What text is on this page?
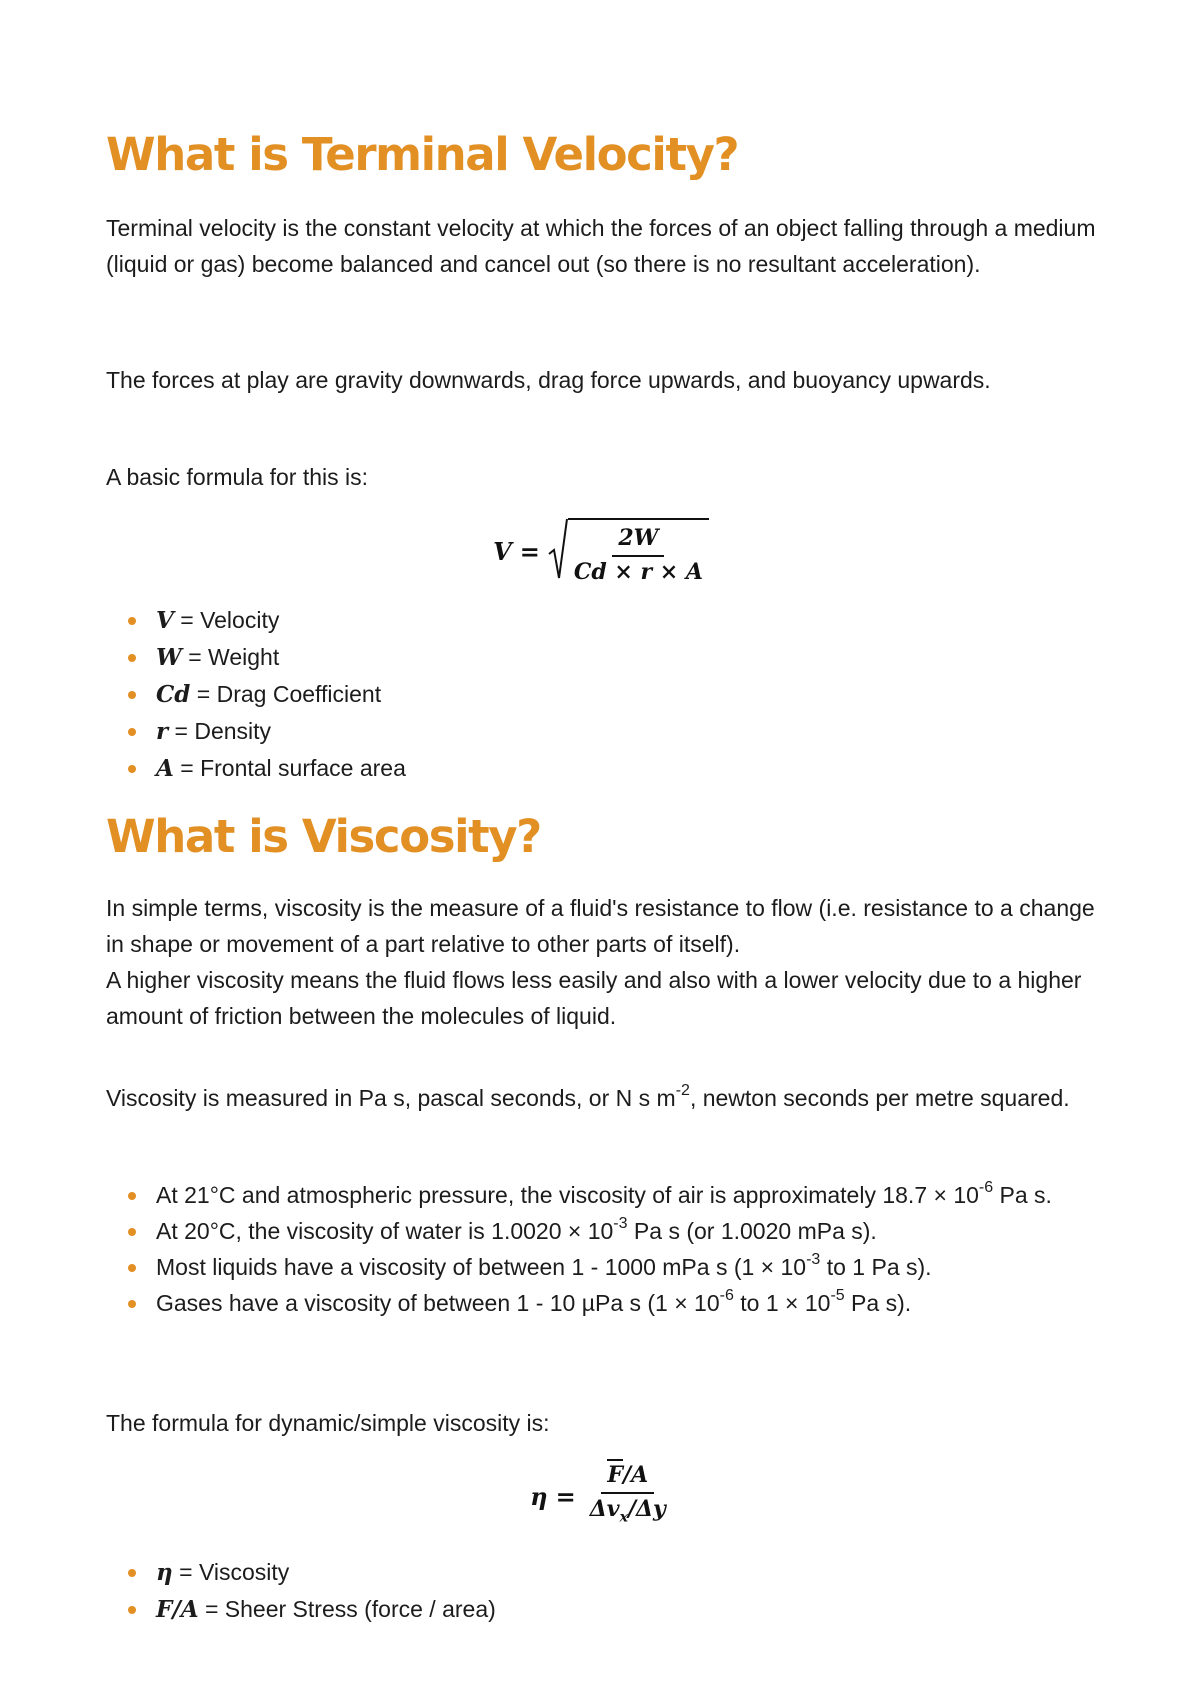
What is Terminal Velocity?

Terminal velocity is the constant velocity at which the forces of an object falling through a medium (liquid or gas) become balanced and cancel out (so there is no resultant acceleration).

The forces at play are gravity downwards, drag force upwards, and buoyancy upwards.

A basic formula for this is:

$V = \frac{2W}{Cd \times r \times A}$
V = Velocity
W = Weight
Cd = Drag Coefficient
r = Density
A = Frontal surface area
What is Viscosity?

In simple terms, viscosity is the measure of a fluid's resistance to flow (i.e. resistance to a change in shape or movement of a part relative to other parts of itself).

A higher viscosity means the fluid flows less easily and also with a lower velocity due to a higher amount of friction between the molecules of liquid.

Viscosity is measured in Pa s, pascal seconds, or N s $m^{-2}$, newton seconds per metre squared.

At 21°C and atmospheric pressure, the viscosity of air is approximately $18.7 \times 10^{-6}$ Pa s.
At 20°C, the viscosity of water is $1.0020 \times 10^{-3}$ Pa s (or 1.0020 mPa s).
Most liquids have a viscosity of between 1 - 1000 mPa s ($1 \times 10^{-3}$ to 1 Pa s).
Gases have a viscosity of between 1 - 10 µPa s ($1 \times 10^{-6}$ to $1 \times 10^{-5}$ Pa s).

The formula for dynamic/simple viscosity is:

$\eta = \frac{F/A}{\Delta v_x/\Delta y}$
η = Viscosity
F/A = Sheer Stress (force / area)
